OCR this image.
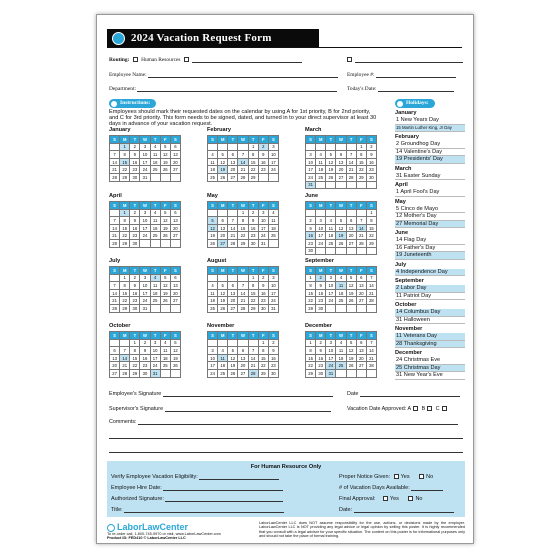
2024 Vacation Request Form
Routing: Human Resources

Employee Name:	Employee #:
Department:	Today's Date:
Instructions:	Holidays:
Employees should mark their requested dates on the calendar by using A for 1st priority, B for 2nd priority, and C for 3rd priority. This form needs to be signed, dated, and turned in to your direct supervisor at least 30 days in advance of your vacation request.
January
S	M	T	W	T	F	S
	1	2	3	4	5	6
7	8	9	10	11	12	13
14	15	16	17	18	19	20
21	22	23	24	25	26	27
28	29	30	31			
February
S	M	T	W	T	F	S
				1	2	3
4	5	6	7	8	9	10
11	12	13	14	15	16	17
18	19	20	21	22	23	24
25	26	27	28	29		
March
S	M	T	W	T	F	S
					1	2
3	4	5	6	7	8	9
10	11	12	13	14	15	16
17	18	19	20	21	22	23
24	25	26	27	28	29	30
31						
April
S	M	T	W	T	F	S
	1	2	3	4	5	6
7	8	9	10	11	12	13
14	15	16	17	18	19	20
21	22	23	24	25	26	27
28	29	30				
May
S	M	T	W	T	F	S
			1	2	3	4
5	6	7	8	9	10	11
12	13	14	15	16	17	18
19	20	21	22	23	24	25
26	27	28	29	30	31	
June
S	M	T	W	T	F	S
						1
2	3	4	5	6	7	8
9	10	11	12	13	14	15
16	17	18	19	20	21	22
23	24	25	26	27	28	29
30						
July
S	M	T	W	T	F	S
	1	2	3	4	5	6
7	8	9	10	11	12	13
14	15	16	17	18	19	20
21	22	23	24	25	26	27
28	29	30	31			
August
S	M	T	W	T	F	S
				1	2	3
4	5	6	7	8	9	10
11	12	13	14	15	16	17
18	19	20	21	22	23	24
25	26	27	28	29	30	31
September
S	M	T	W	T	F	S
1	2	3	4	5	6	7
8	9	10	11	12	13	14
15	16	17	18	19	20	21
22	23	24	25	26	27	28
29	30					
October
S	M	T	W	T	F	S
		1	2	3	4	5
6	7	8	9	10	11	12
13	14	15	16	17	18	19
20	21	22	23	24	25	26
27	28	29	30	31		
November
S	M	T	W	T	F	S
					1	2
3	4	5	6	7	8	9
10	11	12	13	14	15	16
17	18	19	20	21	22	23
24	25	26	27	28	29	30
December
S	M	T	W	T	F	S
1	2	3	4	5	6	7
8	9	10	11	12	13	14
15	16	17	18	19	20	21
22	23	24	25	26	27	28
29	30	31				
January
1 New Years Day
15 Martin Luther King, Jr Day
February
2 Groundhog Day
14 Valentine's Day
19 Presidents' Day
March
31 Easter Sunday
April
1 April Fool's Day
May
5 Cinco de Mayo
12 Mother's Day
27 Memorial Day
June
14 Flag Day
16 Father's Day
19 Juneteenth
July
4 Independence Day
September
2 Labor Day
11 Patriot Day
October
14 Columbus Day
31 Halloween
November
11 Veterans Day
28 Thanksgiving
December
24 Christmas Eve
25 Christmas Day
31 New Year's Eve
Employee's Signature	Date
Supervisor's Signature	Vacation Date Approved: A B C
Comments:
For Human Resource Only
Verify Employee Vacation Eligibility:
Employee Hire Date:
Authorized Signature:
Title:
Proper Notice Given: Yes	No
# of Vacation Days Available:
Final Approval:	Yes	No
Date:
LaborLawCenter
To re-order call, 1-800-745-9970 or visit, www.LaborLawCenter.com
Product ID: FED410 © LaborLawCenter LLC
LaborLawCenter LLC does NOT assume responsibility for the use, actions, or decisions made by the employer. LaborLawCenter LLC is NOT providing any legal advice or legal opinion by selling this poster. It is highly recommended that you consult with a legal advisor for your specific situation. The content on this poster is for informational purposes only and should not take the place of formal training.
